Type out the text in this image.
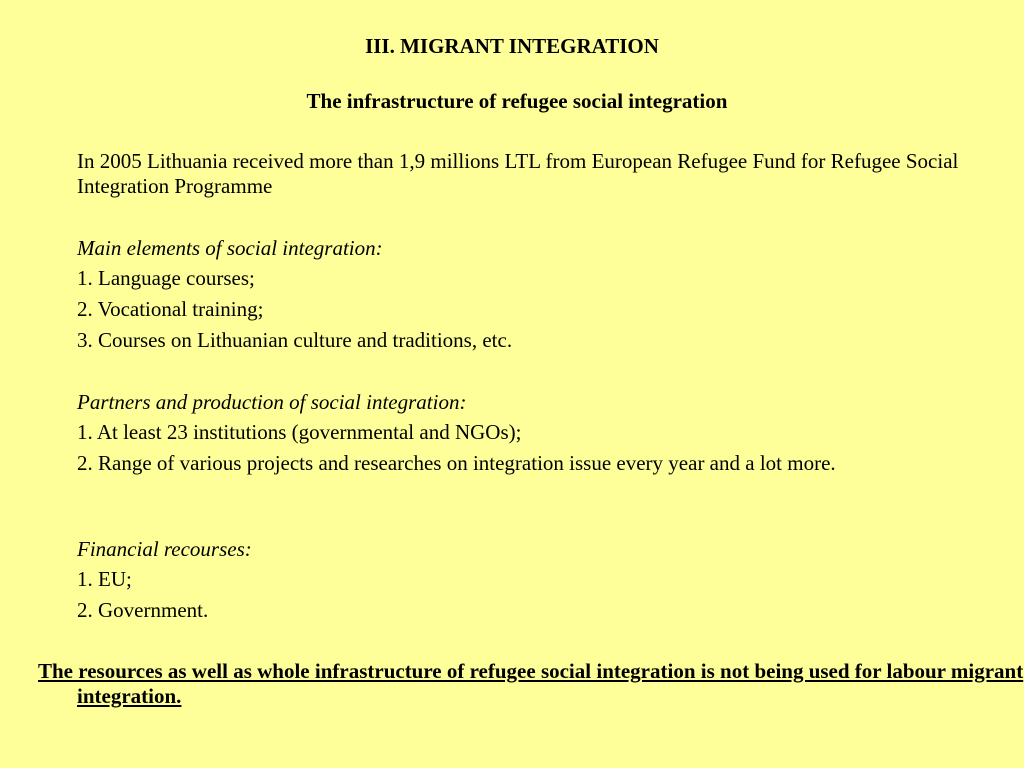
III. MIGRANT INTEGRATION
The infrastructure of refugee social integration
In 2005 Lithuania received more than 1,9 millions LTL from European Refugee Fund for Refugee Social Integration Programme
Main elements of social integration:
1. Language courses;
2. Vocational training;
3. Courses on Lithuanian culture and traditions, etc.
Partners and production of social integration:
1. At least 23 institutions (governmental and NGOs);
2. Range of various projects and researches on integration issue every year and a lot more.
Financial recourses:
1. EU;
2. Government.
The resources as well as whole infrastructure of refugee social integration is not being used for labour migrant integration.
